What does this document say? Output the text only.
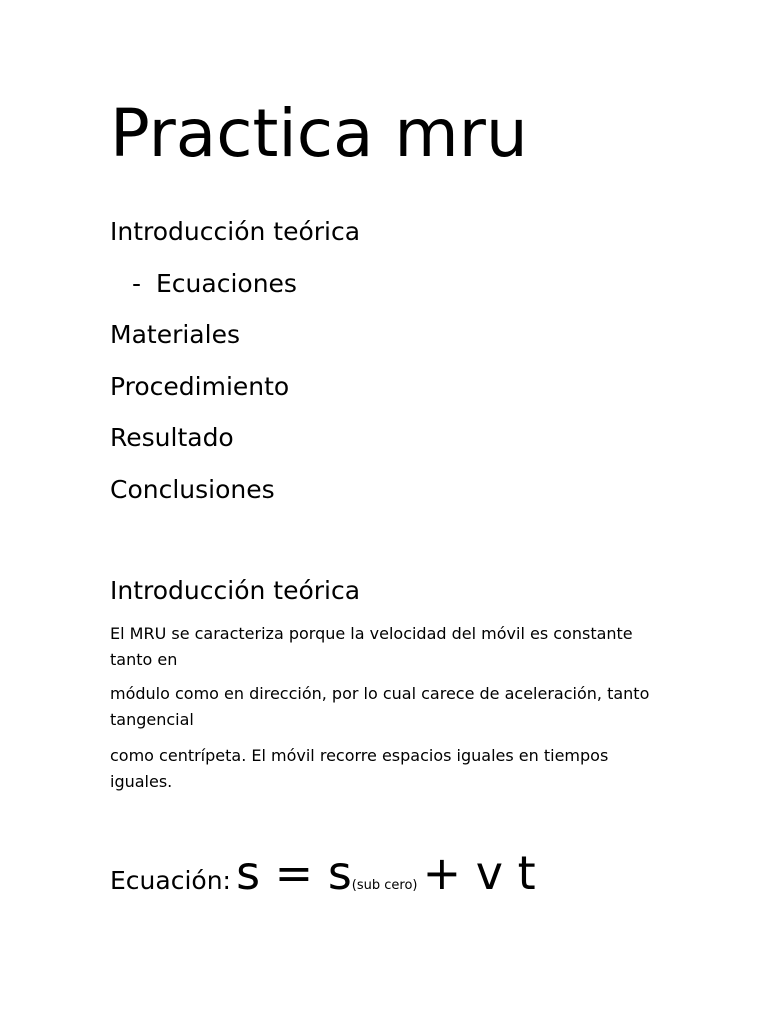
Practica mru
Introducción teórica
- Ecuaciones
Materiales
Procedimiento
Resultado
Conclusiones
Introducción teórica

El MRU se caracteriza porque la velocidad del móvil es constante tanto en

módulo como en dirección, por lo cual carece de aceleración, tanto tangencial

como centrípeta. El móvil recorre espacios iguales en tiempos iguales.

Ecuación: s = s(sub cero) + v t
